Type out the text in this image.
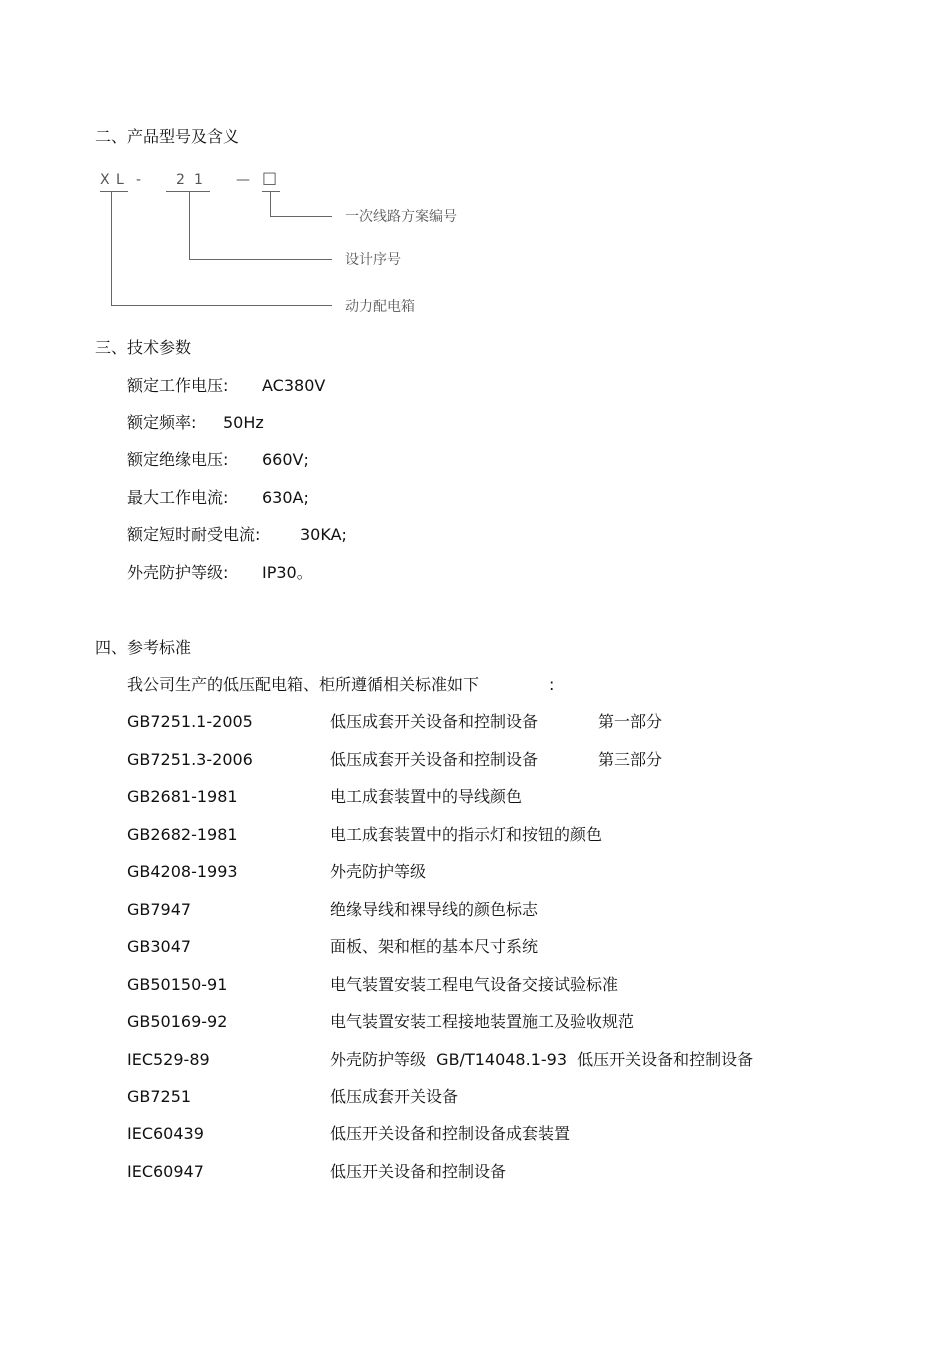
二、产品型号及含义
X L - 2 1 — □
一次线路方案编号
设计序号
动力配电箱
三、技术参数
额定工作电压: AC380V
额定频率: 50Hz
额定绝缘电压: 660V;
最大工作电流: 630A;
额定短时耐受电流: 30KA;
外壳防护等级: IP30。
四、参考标准
我公司生产的低压配电箱、柜所遵循相关标准如下	:
GB7251.1-2005	低压成套开关设备和控制设备	第一部分
GB7251.3-2006	低压成套开关设备和控制设备	第三部分
GB2681-1981	电工成套装置中的导线颜色
GB2682-1981	电工成套装置中的指示灯和按钮的颜色
GB4208-1993	外壳防护等级
GB7947	绝缘导线和裸导线的颜色标志
GB3047	面板、架和框的基本尺寸系统
GB50150-91	电气装置安装工程电气设备交接试验标准
GB50169-92	电气装置安装工程接地装置施工及验收规范
IEC529-89	外壳防护等级  GB/T14048.1-93  低压开关设备和控制设备
GB7251	低压成套开关设备
IEC60439	低压开关设备和控制设备成套装置
IEC60947	低压开关设备和控制设备
